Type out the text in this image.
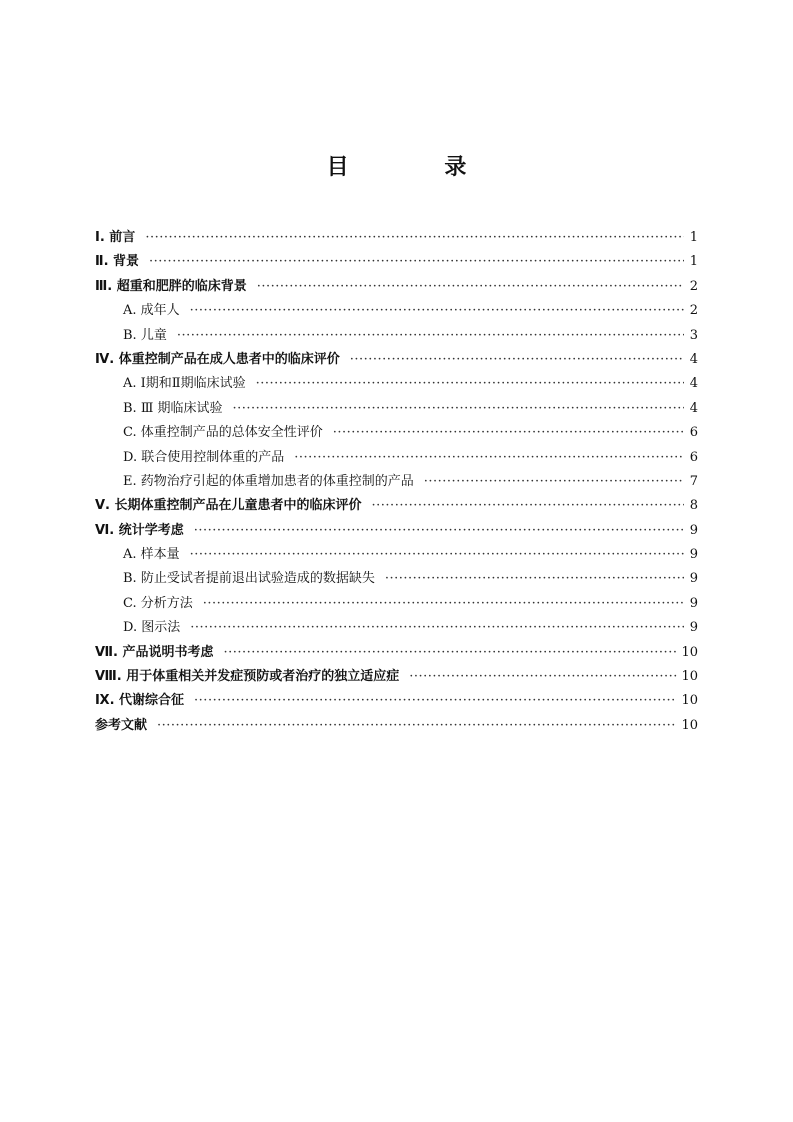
目 录
Ⅰ. 前言 ·····	1
Ⅱ. 背景 ·····	1
Ⅲ. 超重和肥胖的临床背景 ·····	2
A. 成年人 ·····	2
B. 儿童 ·····	3
Ⅳ. 体重控制产品在成人患者中的临床评价 ·····	4
A. Ⅰ期和Ⅱ期临床试验 ·····	4
B. Ⅲ 期临床试验 ·····	4
C. 体重控制产品的总体安全性评价 ·····	6
D. 联合使用控制体重的产品 ·····	6
E. 药物治疗引起的体重增加患者的体重控制的产品 ·····	7
Ⅴ. 长期体重控制产品在儿童患者中的临床评价 ·····	8
Ⅵ. 统计学考虑 ·····	9
A. 样本量 ·····	9
B. 防止受试者提前退出试验造成的数据缺失 ·····	9
C. 分析方法 ·····	9
D. 图示法 ·····	9
Ⅶ. 产品说明书考虑 ·····	10
Ⅷ. 用于体重相关并发症预防或者治疗的独立适应症 ·····	10
Ⅸ. 代谢综合征 ·····	10
参考文献 ·····	10
